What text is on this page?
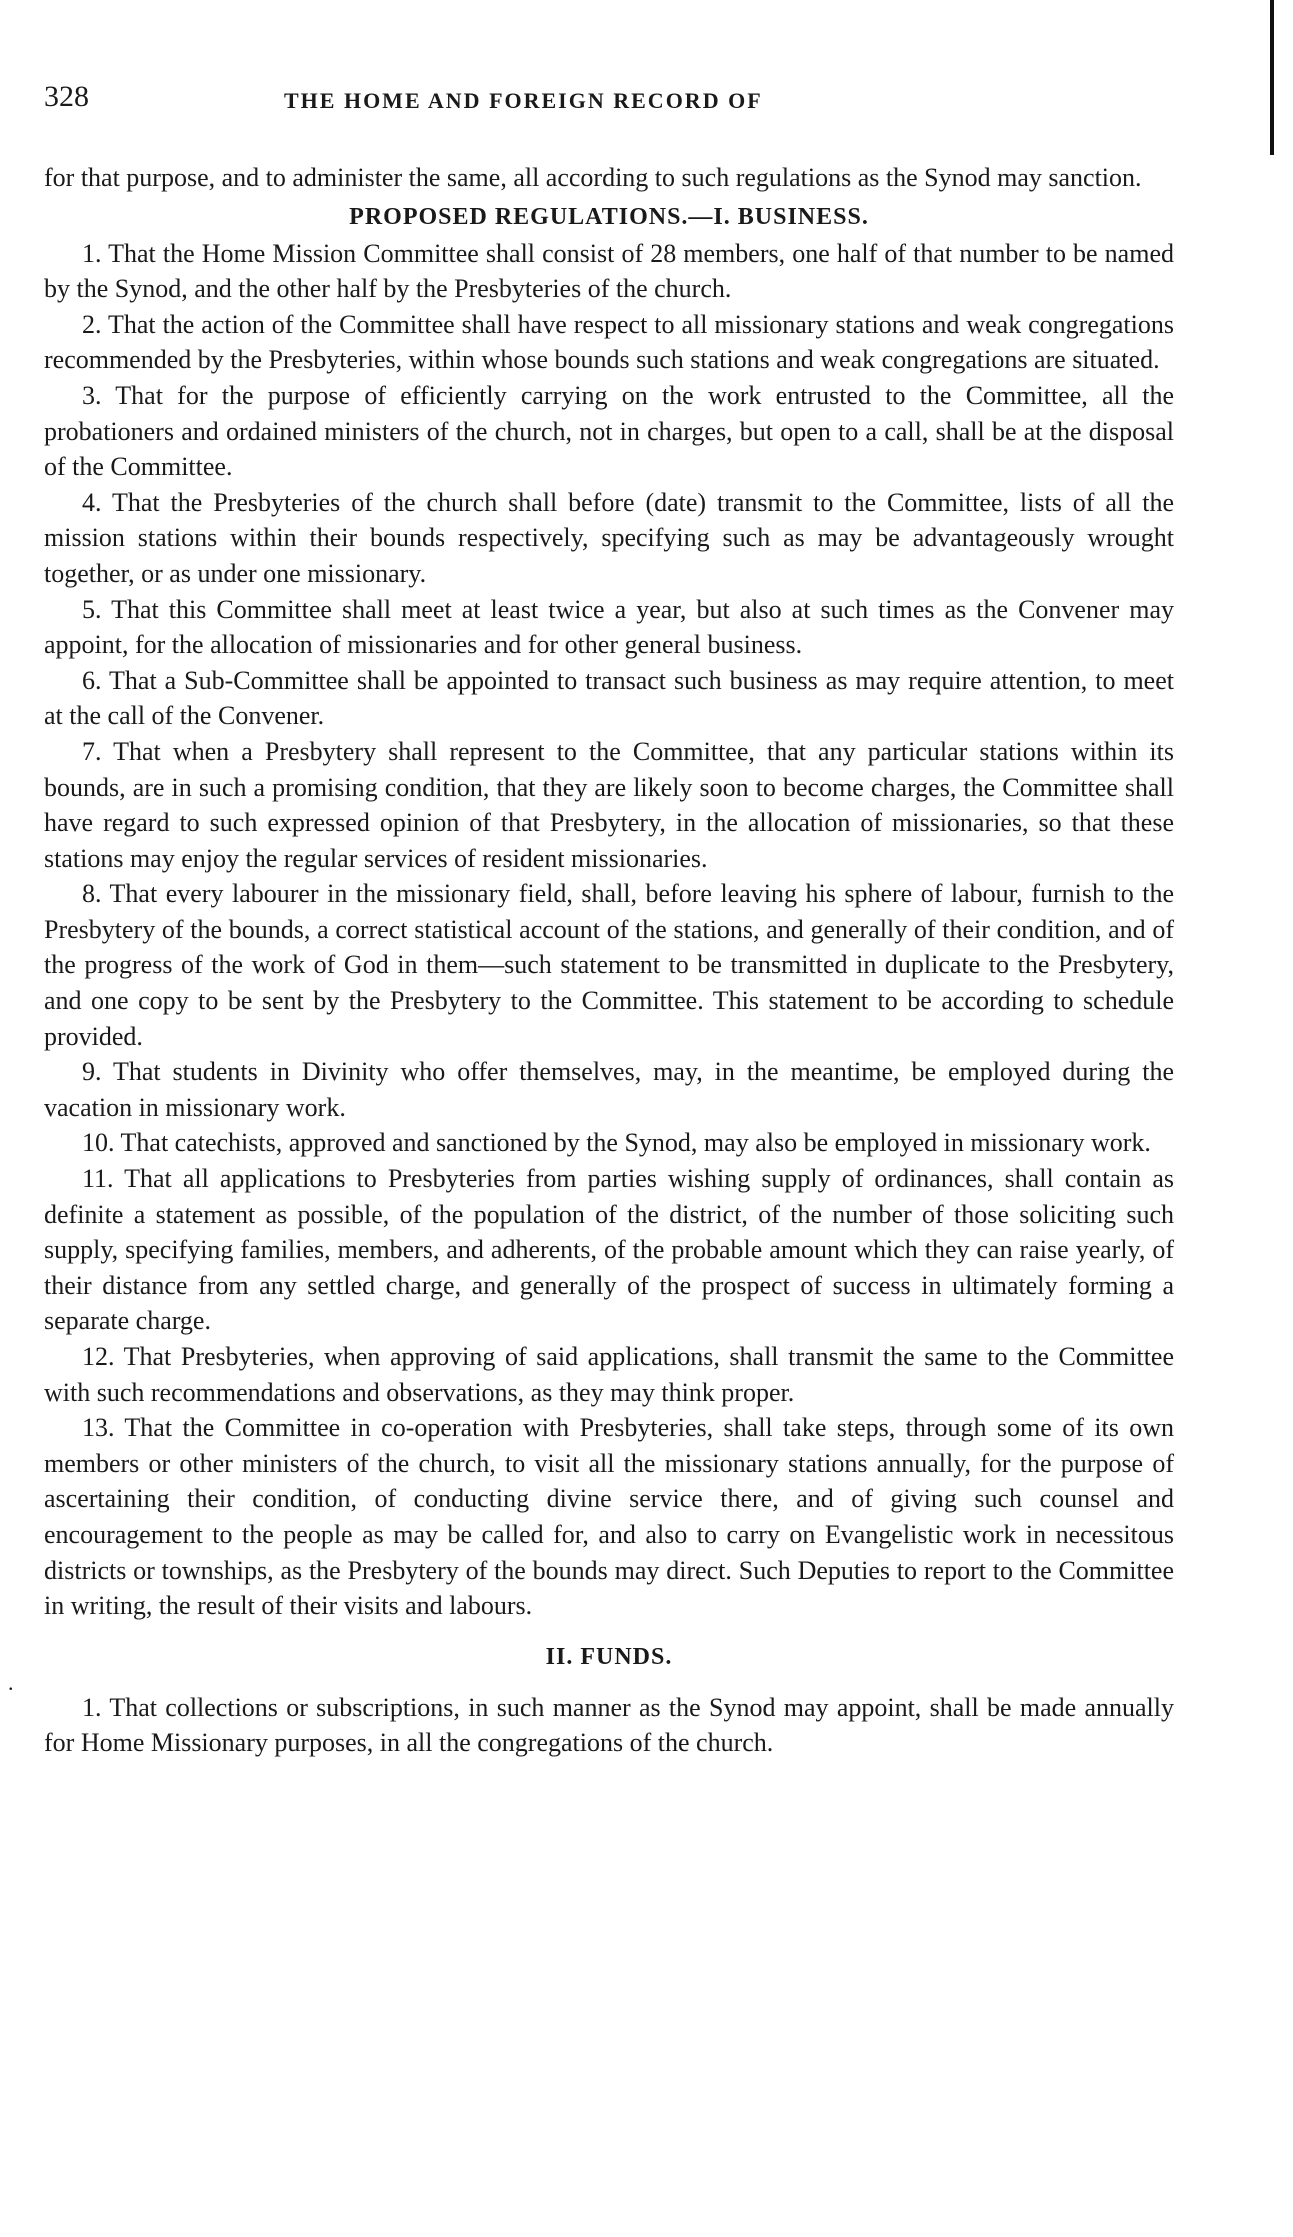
.
328	THE HOME AND FOREIGN RECORD OF

for that purpose, and to administer the same, all according to such regulations as the Synod may sanction.

PROPOSED REGULATIONS.—I. BUSINESS.

1. That the Home Mission Committee shall consist of 28 members, one half of that number to be named by the Synod, and the other half by the Presbyteries of the church.

2. That the action of the Committee shall have respect to all missionary stations and weak congregations recommended by the Presbyteries, within whose bounds such stations and weak congregations are situated.

3. That for the purpose of efficiently carrying on the work entrusted to the Committee, all the probationers and ordained ministers of the church, not in charges, but open to a call, shall be at the disposal of the Committee.

4. That the Presbyteries of the church shall before (date) transmit to the Committee, lists of all the mission stations within their bounds respectively, specifying such as may be advantageously wrought together, or as under one missionary.

5. That this Committee shall meet at least twice a year, but also at such times as the Convener may appoint, for the allocation of missionaries and for other general business.

6. That a Sub-Committee shall be appointed to transact such business as may require attention, to meet at the call of the Convener.

7. That when a Presbytery shall represent to the Committee, that any particular stations within its bounds, are in such a promising condition, that they are likely soon to become charges, the Committee shall have regard to such expressed opinion of that Presbytery, in the allocation of missionaries, so that these stations may enjoy the regular services of resident missionaries.

8. That every labourer in the missionary field, shall, before leaving his sphere of labour, furnish to the Presbytery of the bounds, a correct statistical account of the stations, and generally of their condition, and of the progress of the work of God in them—such statement to be transmitted in duplicate to the Presbytery, and one copy to be sent by the Presbytery to the Committee. This statement to be according to schedule provided.

9. That students in Divinity who offer themselves, may, in the meantime, be employed during the vacation in missionary work.

10. That catechists, approved and sanctioned by the Synod, may also be employed in missionary work.

11. That all applications to Presbyteries from parties wishing supply of ordinances, shall contain as definite a statement as possible, of the population of the district, of the number of those soliciting such supply, specifying families, members, and adherents, of the probable amount which they can raise yearly, of their distance from any settled charge, and generally of the prospect of success in ultimately forming a separate charge.

12. That Presbyteries, when approving of said applications, shall transmit the same to the Committee with such recommendations and observations, as they may think proper.

13. That the Committee in co-operation with Presbyteries, shall take steps, through some of its own members or other ministers of the church, to visit all the missionary stations annually, for the purpose of ascertaining their condition, of conducting divine service there, and of giving such counsel and encouragement to the people as may be called for, and also to carry on Evangelistic work in necessitous districts or townships, as the Presbytery of the bounds may direct. Such Deputies to report to the Committee in writing, the result of their visits and labours.

II. FUNDS.

1. That collections or subscriptions, in such manner as the Synod may appoint, shall be made annually for Home Missionary purposes, in all the congregations of the church.
